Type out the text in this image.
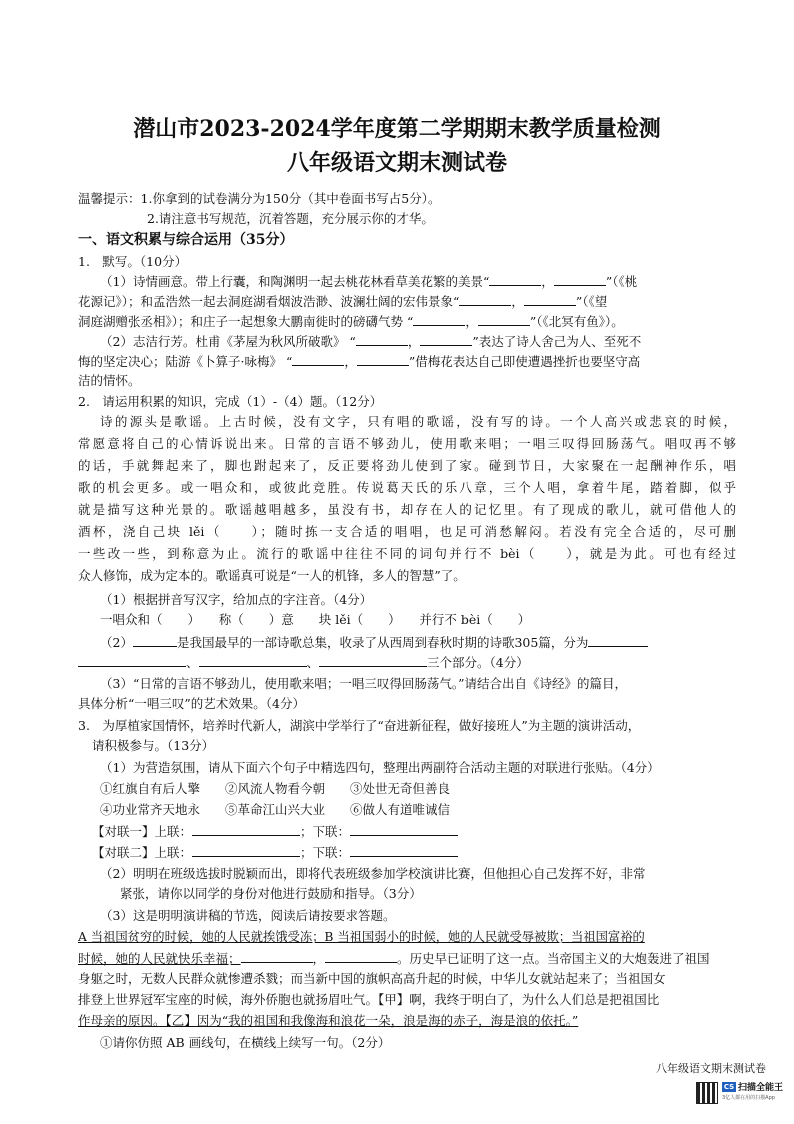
潜山市2023-2024学年度第二学期期末教学质量检测
八年级语文期末测试卷
温馨提示：1.你拿到的试卷满分为150分（其中卷面书写占5分）。
2.请注意书写规范，沉着答题，充分展示你的才华。
一、语文积累与综合运用（35分）
1.　默写。（10分）
（1）诗情画意。带上行囊，和陶渊明一起去桃花林看草美花繁的美景“	，	”（《桃
花源记》）；和孟浩然一起去洞庭湖看烟波浩渺、波澜壮阔的宏伟景象“	，	”（《望
洞庭湖赠张丞相》）；和庄子一起想象大鹏南徙时的磅礴气势 “	，	”（《北冥有鱼》）。
（2）志洁行芳。杜甫《茅屋为秋风所破歌》 “	，	”表达了诗人舍己为人、至死不
悔的坚定决心；陆游《卜算子·咏梅》 “	，	”借梅花表达自己即使遭遇挫折也要坚守高
洁的情怀。
2.　请运用积累的知识，完成（1）-（4）题。（12分）
诗的源头是歌谣。上古时候，没有文字，只有唱的歌谣，没有写的诗。一个人高兴或悲哀的时候，
常愿意将自己的心情诉说出来。日常的言语不够劲儿，使用歌来唱；一唱三叹得回肠荡气。唱叹再不够
的话，手就舞起来了，脚也跗起来了，反正要将劲儿使到了家。碰到节日，大家聚在一起酬神作乐，唱
歌的机会更多。或一唱众和，或彼此竞胜。传说葛天氏的乐八章，三个人唱，拿着牛尾，踏着脚，似乎
就是描写这种光景的。歌谣越唱越多，虽没有书，却存在人的记忆里。有了现成的歌儿，就可借他人的
酒杯，浇自己块 lěi（　　）；随时拣一支合适的唱唱，也足可消愁解闷。若没有完全合适的，尽可删
一些改一些，到称意为止。流行的歌谣中往往不同的词句并行不 bèi（　　），就是为此。可也有经过
众人修饰，成为定本的。歌谣真可说是“一人的机锋，多人的智慧”了。
（1）根据拼音写汉字，给加点的字注音。（4分）
一唱众和（　　）　　称（　　）意　　块 lěi（　　）　　并行不 bèi（　　）
（2）	是我国最早的一部诗歌总集，收录了从西周到春秋时期的诗歌305篇，分为
、	、	三个部分。（4分）
（3）“日常的言语不够劲儿，使用歌来唱；一唱三叹得回肠荡气。”请结合出自《诗经》的篇目，
具体分析“一唱三叹”的艺术效果。（4分）
3.　为厚植家国情怀，培养时代新人，湖滨中学举行了“奋进新征程，做好接班人”为主题的演讲活动，
请积极参与。（13分）
（1）为营造氛围，请从下面六个句子中精选四句，整理出两副符合活动主题的对联进行张贴。（4分）
①红旗自有后人擎　　②风流人物看今朝　　③处世无奇但善良
④功业常齐天地永　　⑤革命江山兴大业　　⑥做人有道唯诚信
【对联一】上联：	；下联：
【对联二】上联：	；下联：
（2）明明在班级选拔时脱颖而出，即将代表班级参加学校演讲比赛，但他担心自己发挥不好，非常
紧张，请你以同学的身份对他进行鼓励和指导。（3分）
（3）这是明明演讲稿的节选，阅读后请按要求答题。
A 当祖国贫穷的时候，她的人民就挨饿受冻；B 当祖国弱小的时候，她的人民就受辱被欺；当祖国富裕的
时候，她的人民就快乐幸福；	，	。历史早已证明了这一点。当帝国主义的大炮轰进了祖国
身躯之时，无数人民群众就惨遭杀戮；而当新中国的旗帜高高升起的时候，中华儿女就站起来了；当祖国女
排登上世界冠军宝座的时候，海外侨胞也就扬眉吐气。【甲】啊，我终于明白了，为什么人们总是把祖国比
作母亲的原因。【乙】因为“我的祖国和我像海和浪花一朵，浪是海的赤子，海是浪的依托。”
①请你仿照 AB 画线句，在横线上续写一句。（2分）
八年级语文期末测试卷
CS 扫描全能王
3亿人都在用的扫描App
